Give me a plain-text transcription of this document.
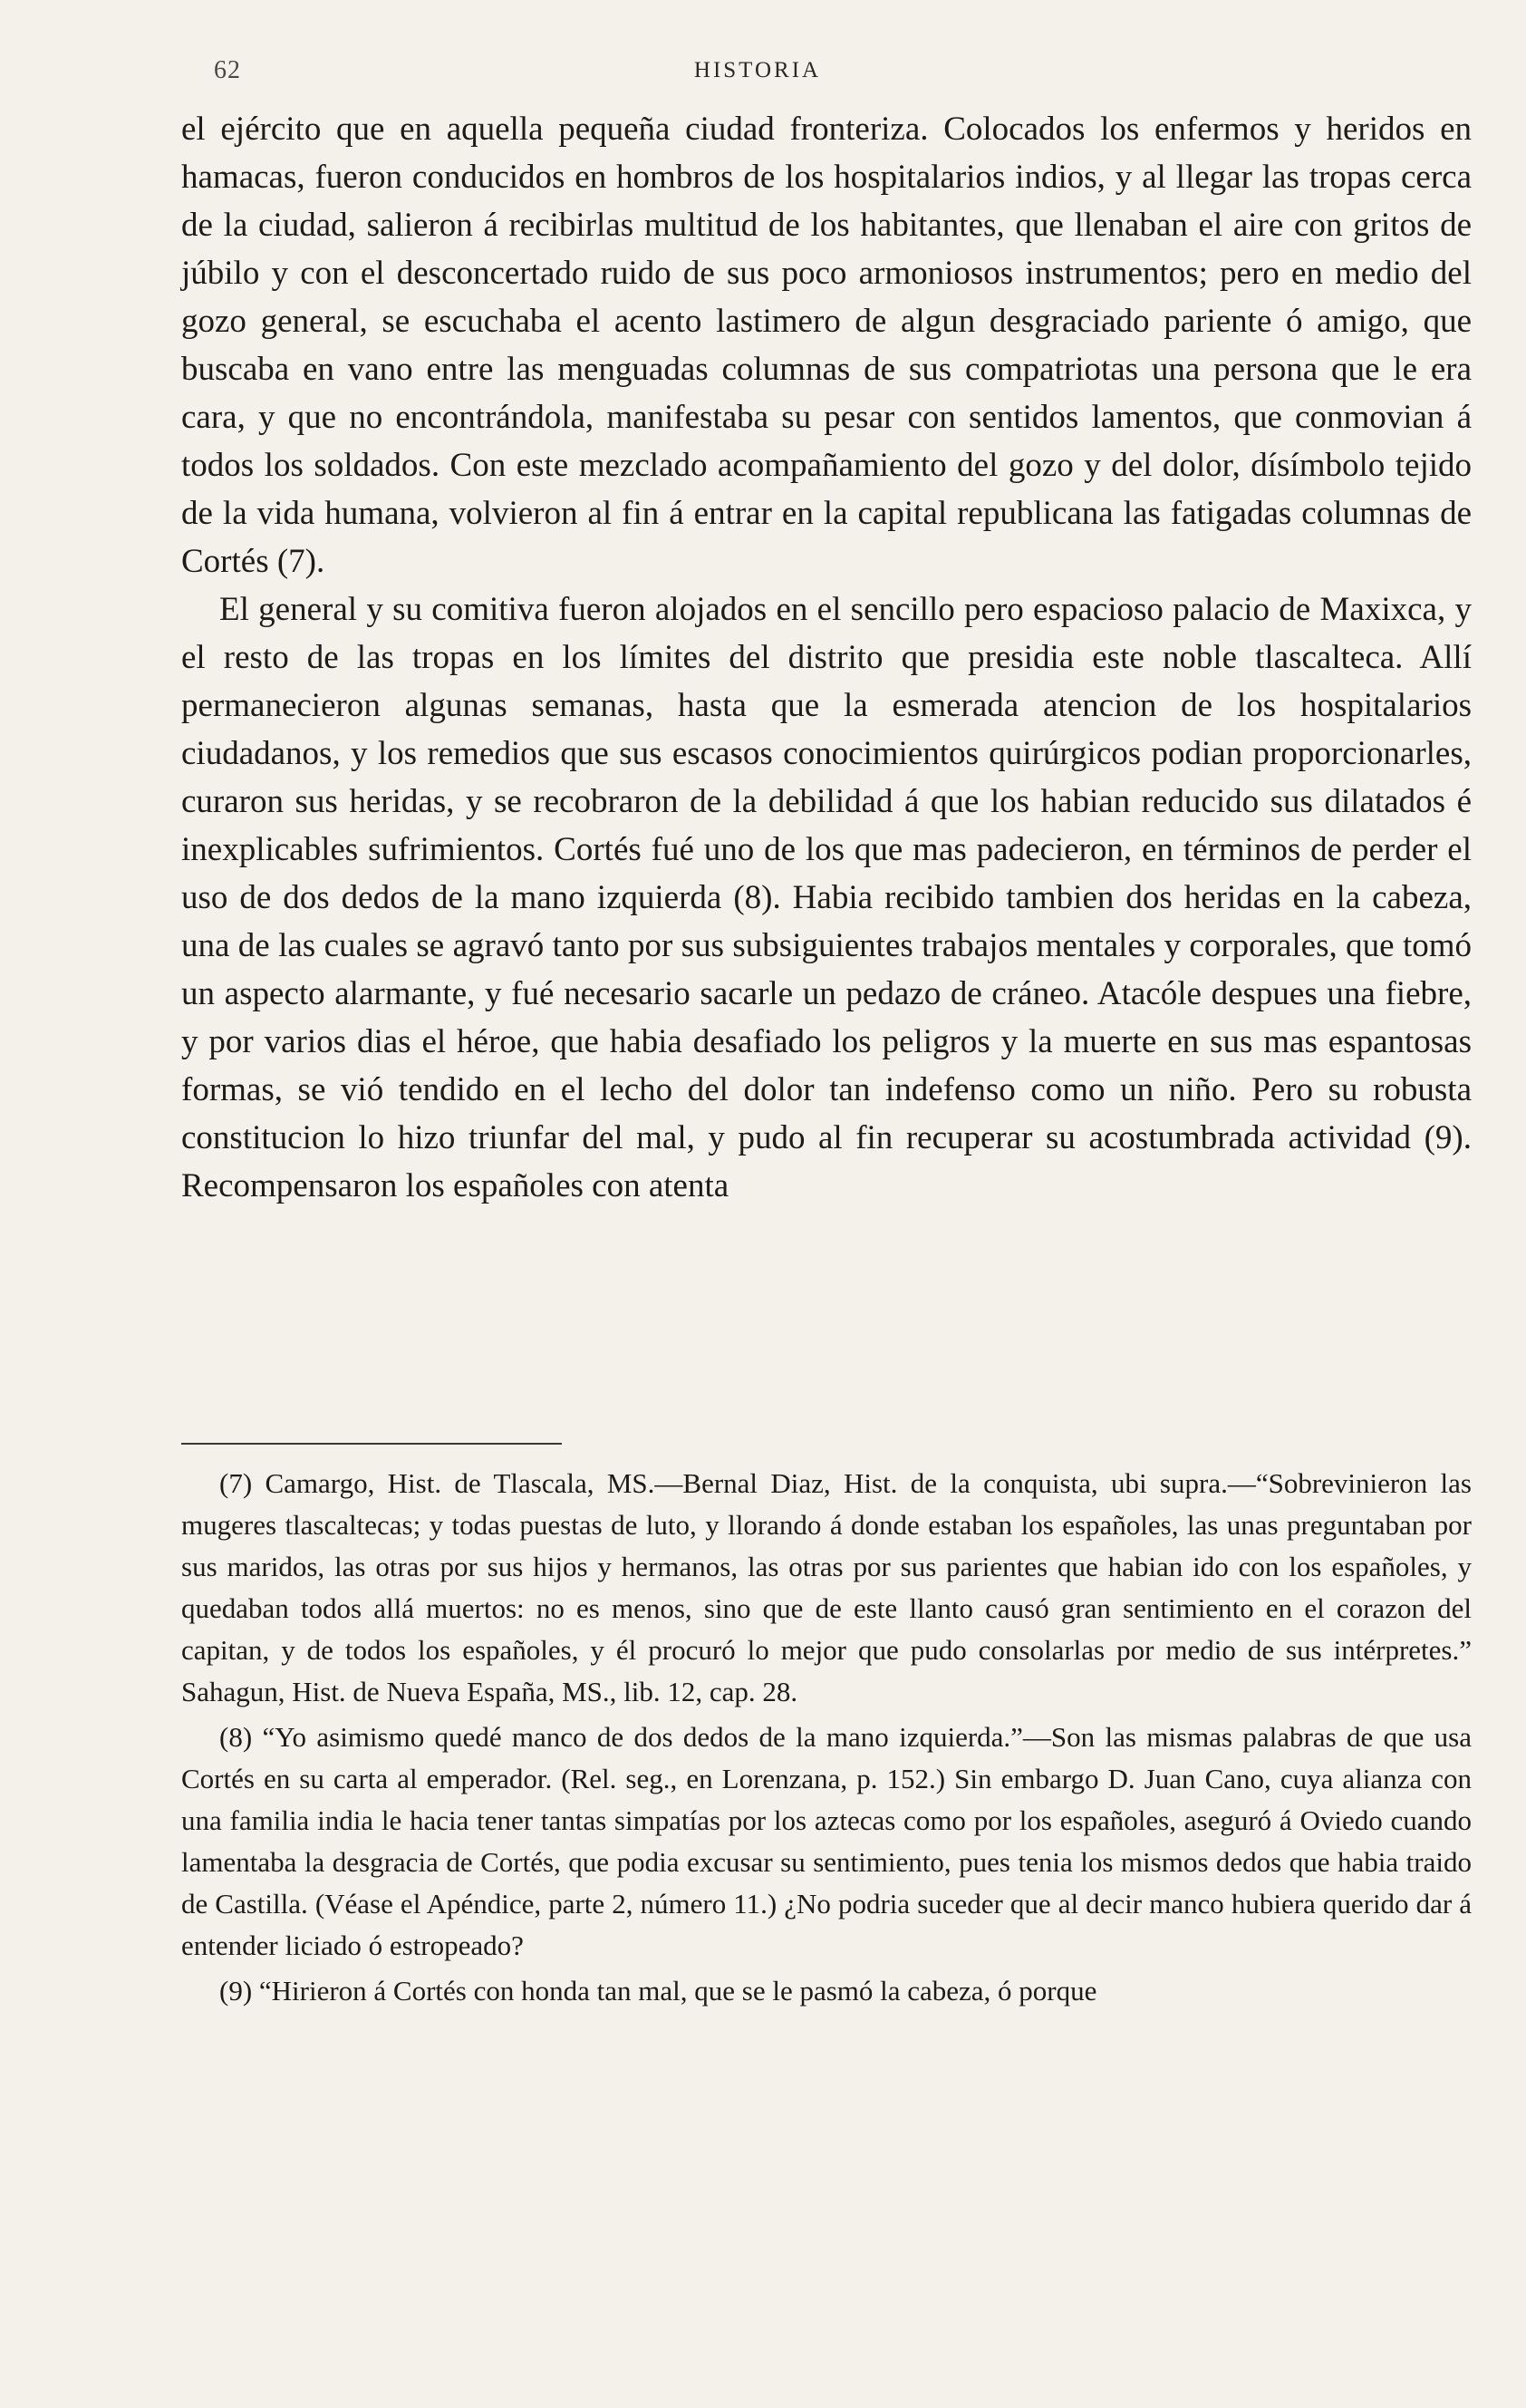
62	HISTORIA

el ejército que en aquella pequeña ciudad fronteriza. Colocados los enfermos y heridos en hamacas, fueron conducidos en hombros de los hospitalarios indios, y al llegar las tropas cerca de la ciudad, salieron á recibirlas multitud de los habitantes, que llenaban el aire con gritos de júbilo y con el desconcertado ruido de sus poco armoniosos instrumentos; pero en medio del gozo general, se escuchaba el acento lastimero de algun desgraciado pariente ó amigo, que buscaba en vano entre las menguadas columnas de sus compatriotas una persona que le era cara, y que no encontrándola, manifestaba su pesar con sentidos lamentos, que conmovian á todos los soldados. Con este mezclado acompañamiento del gozo y del dolor, dísímbolo tejido de la vida humana, volvieron al fin á entrar en la capital republicana las fatigadas columnas de Cortés (7).

El general y su comitiva fueron alojados en el sencillo pero espacioso palacio de Maxixca, y el resto de las tropas en los límites del distrito que presidia este noble tlascalteca. Allí permanecieron algunas semanas, hasta que la esmerada atencion de los hospitalarios ciudadanos, y los remedios que sus escasos conocimientos quirúrgicos podian proporcionarles, curaron sus heridas, y se recobraron de la debilidad á que los habian reducido sus dilatados é inexplicables sufrimientos. Cortés fué uno de los que mas padecieron, en términos de perder el uso de dos dedos de la mano izquierda (8). Habia recibido tambien dos heridas en la cabeza, una de las cuales se agravó tanto por sus subsiguientes trabajos mentales y corporales, que tomó un aspecto alarmante, y fué necesario sacarle un pedazo de cráneo. Atacóle despues una fiebre, y por varios dias el héroe, que habia desafiado los peligros y la muerte en sus mas espantosas formas, se vió tendido en el lecho del dolor tan indefenso como un niño. Pero su robusta constitucion lo hizo triunfar del mal, y pudo al fin recuperar su acostumbrada actividad (9). Recompensaron los españoles con atenta

(7) Camargo, Hist. de Tlascala, MS.—Bernal Diaz, Hist. de la conquista, ubi supra.—“Sobrevinieron las mugeres tlascaltecas; y todas puestas de luto, y llorando á donde estaban los españoles, las unas preguntaban por sus maridos, las otras por sus hijos y hermanos, las otras por sus parientes que habian ido con los españoles, y quedaban todos allá muertos: no es menos, sino que de este llanto causó gran sentimiento en el corazon del capitan, y de todos los españoles, y él procuró lo mejor que pudo consolarlas por medio de sus intérpretes.” Sahagun, Hist. de Nueva España, MS., lib. 12, cap. 28.

(8) “Yo asimismo quedé manco de dos dedos de la mano izquierda.”—Son las mismas palabras de que usa Cortés en su carta al emperador. (Rel. seg., en Lorenzana, p. 152.) Sin embargo D. Juan Cano, cuya alianza con una familia india le hacia tener tantas simpatías por los aztecas como por los españoles, aseguró á Oviedo cuando lamentaba la desgracia de Cortés, que podia excusar su sentimiento, pues tenia los mismos dedos que habia traido de Castilla. (Véase el Apéndice, parte 2, número 11.) ¿No podria suceder que al decir manco hubiera querido dar á entender liciado ó estropeado?

(9) “Hirieron á Cortés con honda tan mal, que se le pasmó la cabeza, ó porque
